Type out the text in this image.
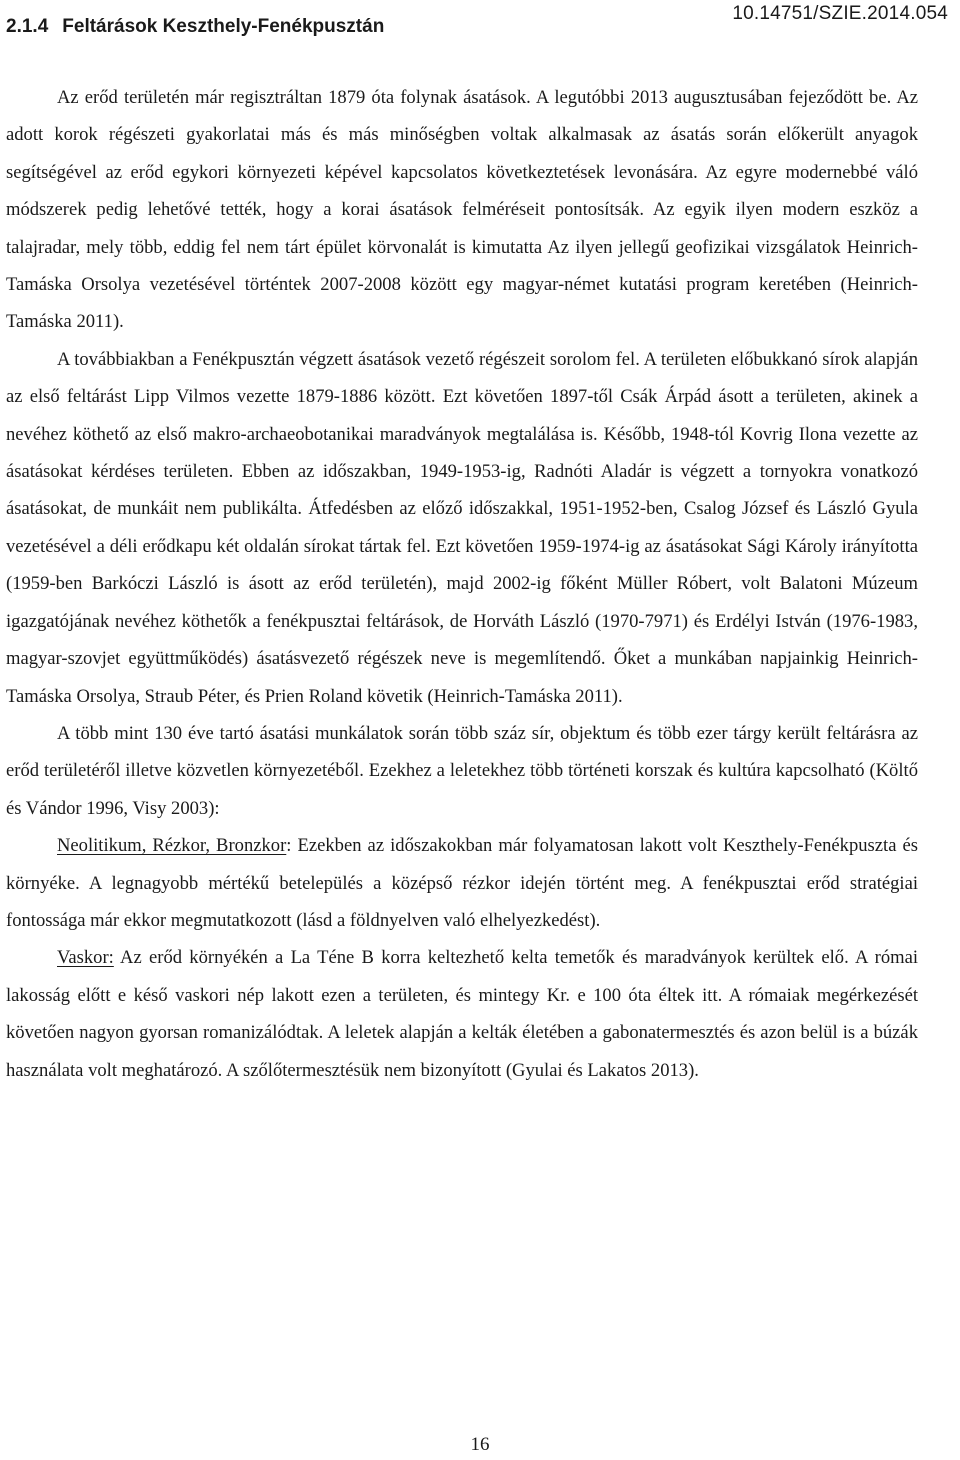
10.14751/SZIE.2014.054
2.1.4 Feltárások Keszthely-Fenékpusztán

Az erőd területén már regisztráltan 1879 óta folynak ásatások. A legutóbbi 2013 augusztusában fejeződött be. Az adott korok régészeti gyakorlatai más és más minőségben voltak alkalmasak az ásatás során előkerült anyagok segítségével az erőd egykori környezeti képével kapcsolatos következtetések levonására. Az egyre modernebbé váló módszerek pedig lehetővé tették, hogy a korai ásatások felméréseit pontosítsák. Az egyik ilyen modern eszköz a talajradar, mely több, eddig fel nem tárt épület körvonalát is kimutatta Az ilyen jellegű geofizikai vizsgálatok Heinrich-Tamáska Orsolya vezetésével történtek 2007-2008 között egy magyar-német kutatási program keretében (Heinrich-Tamáska 2011).

A továbbiakban a Fenékpusztán végzett ásatások vezető régészeit sorolom fel. A területen előbukkanó sírok alapján az első feltárást Lipp Vilmos vezette 1879-1886 között. Ezt követően 1897-től Csák Árpád ásott a területen, akinek a nevéhez köthető az első makro-archaeobotanikai maradványok megtalálása is. Később, 1948-tól Kovrig Ilona vezette az ásatásokat kérdéses területen. Ebben az időszakban, 1949-1953-ig, Radnóti Aladár is végzett a tornyokra vonatkozó ásatásokat, de munkáit nem publikálta. Átfedésben az előző időszakkal, 1951-1952-ben, Csalog József és László Gyula vezetésével a déli erődkapu két oldalán sírokat tártak fel. Ezt követően 1959-1974-ig az ásatásokat Sági Károly irányította (1959-ben Barkóczi László is ásott az erőd területén), majd 2002-ig főként Müller Róbert, volt Balatoni Múzeum igazgatójának nevéhez köthetők a fenékpusztai feltárások, de Horváth László (1970-7971) és Erdélyi István (1976-1983, magyar-szovjet együttműködés) ásatásvezető régészek neve is megemlítendő. Őket a munkában napjainkig Heinrich-Tamáska Orsolya, Straub Péter, és Prien Roland követik (Heinrich-Tamáska 2011).

A több mint 130 éve tartó ásatási munkálatok során több száz sír, objektum és több ezer tárgy került feltárásra az erőd területéről illetve közvetlen környezetéből. Ezekhez a leletekhez több történeti korszak és kultúra kapcsolható (Költő és Vándor 1996, Visy 2003):

Neolitikum, Rézkor, Bronzkor: Ezekben az időszakokban már folyamatosan lakott volt Keszthely-Fenékpuszta és környéke. A legnagyobb mértékű betelepülés a középső rézkor idején történt meg. A fenékpusztai erőd stratégiai fontossága már ekkor megmutatkozott (lásd a földnyelven való elhelyezkedést).

Vaskor: Az erőd környékén a La Téne B korra keltezhető kelta temetők és maradványok kerültek elő. A római lakosság előtt e késő vaskori nép lakott ezen a területen, és mintegy Kr. e 100 óta éltek itt. A rómaiak megérkezését követően nagyon gyorsan romanizálódtak. A leletek alapján a kelták életében a gabonatermesztés és azon belül is a búzák használata volt meghatározó. A szőlőtermesztésük nem bizonyított (Gyulai és Lakatos 2013).

16
